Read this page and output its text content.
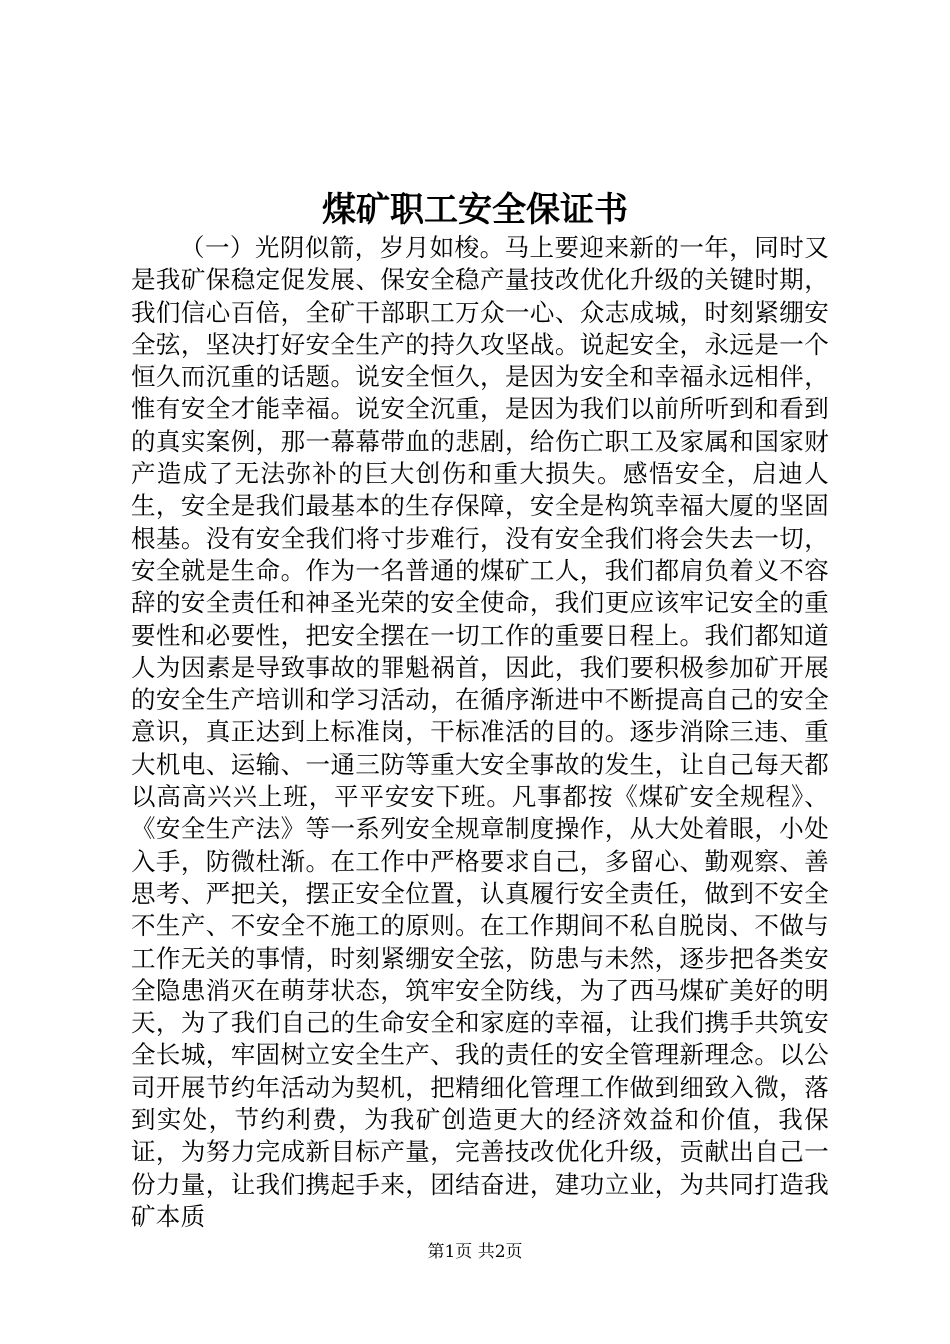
煤矿职工安全保证书

（一）光阴似箭，岁月如梭。马上要迎来新的一年，同时又是我矿保稳定促发展、保安全稳产量技改优化升级的关键时期，我们信心百倍，全矿干部职工万众一心、众志成城，时刻紧绷安全弦，坚决打好安全生产的持久攻坚战。说起安全，永远是一个恒久而沉重的话题。说安全恒久，是因为安全和幸福永远相伴，惟有安全才能幸福。说安全沉重，是因为我们以前所听到和看到的真实案例，那一幕幕带血的悲剧，给伤亡职工及家属和国家财产造成了无法弥补的巨大创伤和重大损失。感悟安全，启迪人生，安全是我们最基本的生存保障，安全是构筑幸福大厦的坚固根基。没有安全我们将寸步难行，没有安全我们将会失去一切，安全就是生命。作为一名普通的煤矿工人，我们都肩负着义不容辞的安全责任和神圣光荣的安全使命，我们更应该牢记安全的重要性和必要性，把安全摆在一切工作的重要日程上。我们都知道人为因素是导致事故的罪魁祸首，因此，我们要积极参加矿开展的安全生产培训和学习活动，在循序渐进中不断提高自己的安全意识，真正达到上标准岗，干标准活的目的。逐步消除三违、重大机电、运输、一通三防等重大安全事故的发生，让自己每天都以高高兴兴上班，平平安安下班。凡事都按《煤矿安全规程》、《安全生产法》等一系列安全规章制度操作，从大处着眼，小处入手，防微杜渐。在工作中严格要求自己，多留心、勤观察、善思考、严把关，摆正安全位置，认真履行安全责任，做到不安全不生产、不安全不施工的原则。在工作期间不私自脱岗、不做与工作无关的事情，时刻紧绷安全弦，防患与未然，逐步把各类安全隐患消灭在萌芽状态，筑牢安全防线，为了西马煤矿美好的明天，为了我们自己的生命安全和家庭的幸福，让我们携手共筑安全长城，牢固树立安全生产、我的责任的安全管理新理念。以公司开展节约年活动为契机，把精细化管理工作做到细致入微，落到实处，节约利费，为我矿创造更大的经济效益和价值，我保证，为努力完成新目标产量，完善技改优化升级，贡献出自己一份力量，让我们携起手来，团结奋进，建功立业，为共同打造我矿本质

第1页 共2页
